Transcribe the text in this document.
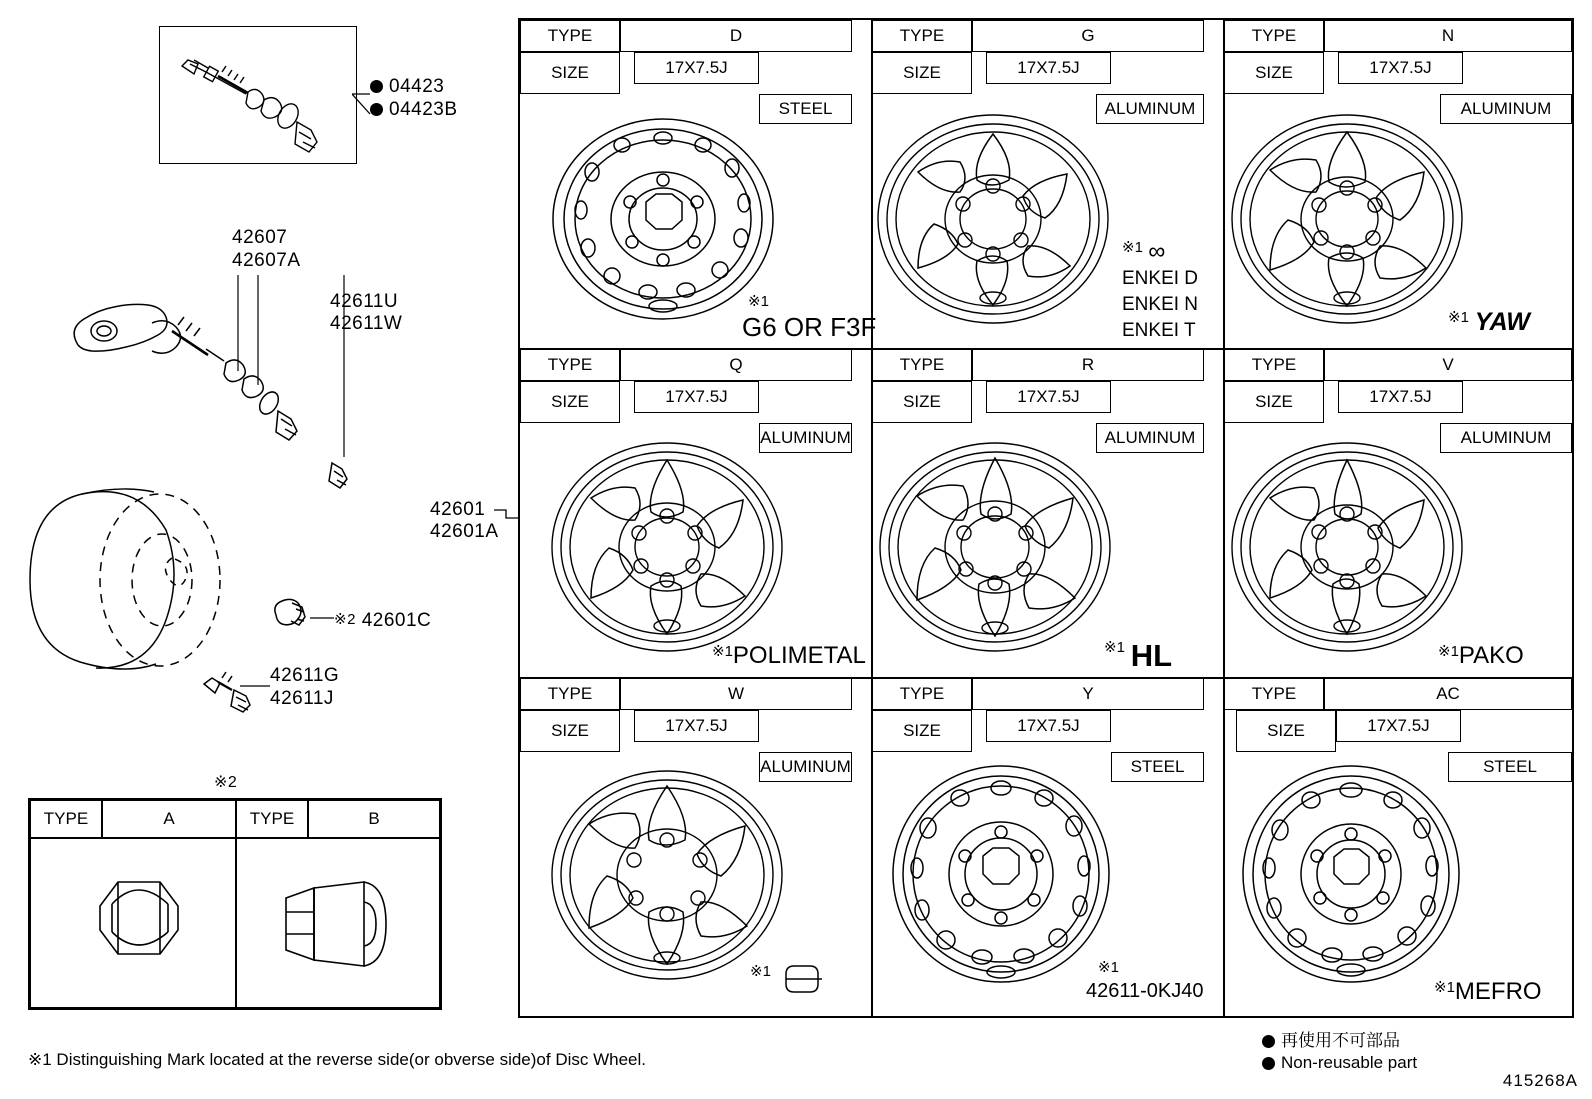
04423
04423B
42607
42607A
42611U
42611W
$^{※2}$ 42601C
42611G
42611J
42601
42601A
※2
TYPE	A	TYPE	B
TYPE	D
SIZE	17X7.5J
STEEL
TYPE	G
SIZE	17X7.5J
ALUMINUM
TYPE	N
SIZE	17X7.5J
ALUMINUM
TYPE	Q
SIZE	17X7.5J
ALUMINUM
TYPE	R
SIZE	17X7.5J
ALUMINUM
TYPE	V
SIZE	17X7.5J
ALUMINUM
TYPE	W
SIZE	17X7.5J
ALUMINUM
TYPE	Y
SIZE	17X7.5J
STEEL
TYPE	AC
SIZE	17X7.5J
STEEL
$^{※1}$
G6 OR F3F
$^{※1}$ ∞
ENKEI D
ENKEI N
ENKEI T
$^{※1}$ YAW
$^{※1}$POLIMETAL	$^{※1}$ HL	$^{※1}$PAKO
$^{※1}$	※1
42611-0KJ40	$^{※1}$MEFRO
再使用不可部品
Non-reusable part
※1 Distinguishing Mark located at the reverse side(or obverse side)of Disc Wheel.
415268A
